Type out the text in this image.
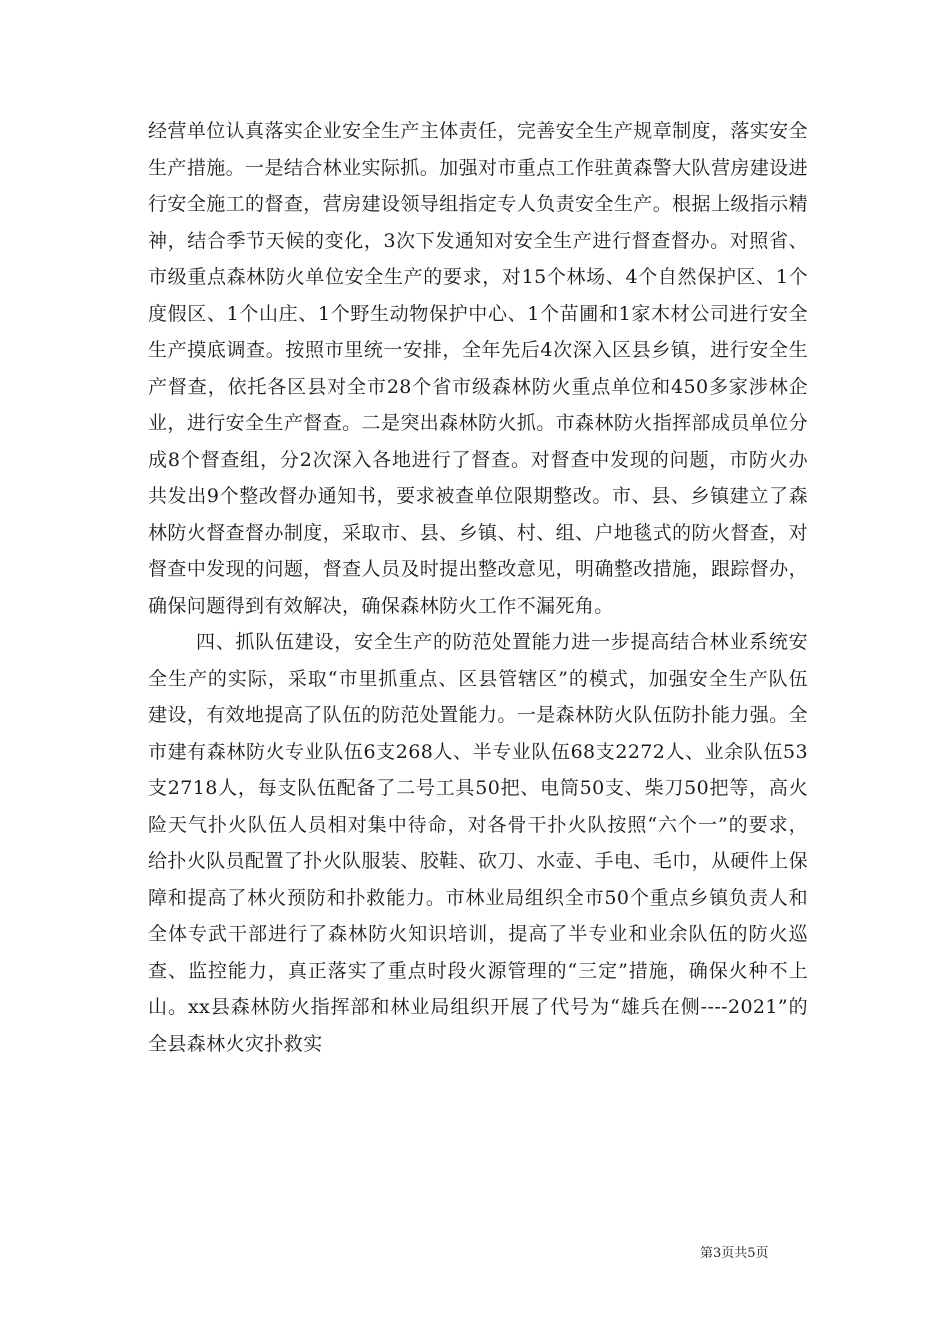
经营单位认真落实企业安全生产主体责任，完善安全生产规章制度，落实安全生产措施。一是结合林业实际抓。加强对市重点工作驻黄森警大队营房建设进行安全施工的督查，营房建设领导组指定专人负责安全生产。根据上级指示精神，结合季节天候的变化，3次下发通知对安全生产进行督查督办。对照省、市级重点森林防火单位安全生产的要求，对15个林场、4个自然保护区、1个度假区、1个山庄、1个野生动物保护中心、1个苗圃和1家木材公司进行安全生产摸底调查。按照市里统一安排，全年先后4次深入区县乡镇，进行安全生产督查，依托各区县对全市28个省市级森林防火重点单位和450多家涉林企业，进行安全生产督查。二是突出森林防火抓。市森林防火指挥部成员单位分成8个督查组，分2次深入各地进行了督查。对督查中发现的问题，市防火办共发出9个整改督办通知书，要求被查单位限期整改。市、县、乡镇建立了森林防火督查督办制度，采取市、县、乡镇、村、组、户地毯式的防火督查，对督查中发现的问题，督查人员及时提出整改意见，明确整改措施，跟踪督办，确保问题得到有效解决，确保森林防火工作不漏死角。

四、抓队伍建设，安全生产的防范处置能力进一步提高结合林业系统安全生产的实际，采取“市里抓重点、区县管辖区”的模式，加强安全生产队伍建设，有效地提高了队伍的防范处置能力。一是森林防火队伍防扑能力强。全市建有森林防火专业队伍6支268人、半专业队伍68支2272人、业余队伍53支2718人，每支队伍配备了二号工具50把、电筒50支、柴刀50把等，高火险天气扑火队伍人员相对集中待命，对各骨干扑火队按照“六个一”的要求，给扑火队员配置了扑火队服装、胶鞋、砍刀、水壶、手电、毛巾，从硬件上保障和提高了林火预防和扑救能力。市林业局组织全市50个重点乡镇负责人和全体专武干部进行了森林防火知识培训，提高了半专业和业余队伍的防火巡查、监控能力，真正落实了重点时段火源管理的“三定”措施，确保火种不上山。xx县森林防火指挥部和林业局组织开展了代号为“雄兵在侧----2021”的全县森林火灾扑救实

第3页共5页
